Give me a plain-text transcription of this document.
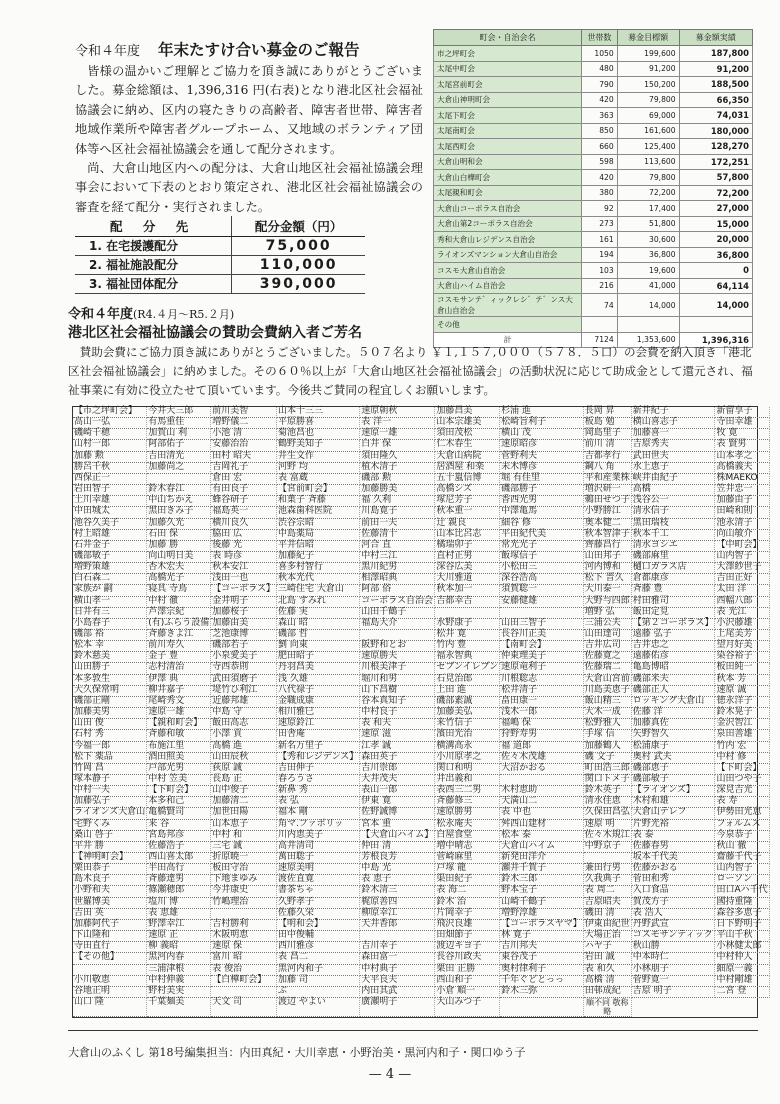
令和４年度 年末たすけ合い募金のご報告

皆様の温かいご理解とご協力を頂き誠にありがとうございました。募金総額は、1,396,316 円(右表)となり港北区社会福祉協議会に納め、区内の寝たきりの高齢者、障害者世帯、障害者地域作業所や障害者グループホーム、又地域のボランティア団体等へ区社会福祉協議会を通して配分されます。

尚、大倉山地区内への配分は、大倉山地区社会福祉協議会理事会において下表のとおり策定され、港北区社会福祉協議会の審査を経て配分・実行されました。

配 分 先	配分金額（円）
1. 在宅援護配分	75,000
2. 福祉施設配分	110,000
3. 福祉団体配分	390,000
町会・自治会名	世帯数	募金目標額	募金額実績
市之坪町会	1050	199,600	187,800
太尾中町会	480	91,200	91,200
太尾宮前町会	790	150,200	188,500
大倉山神明町会	420	79,800	66,350
太尾下町会	363	69,000	74,031
太尾南町会	850	161,600	180,000
太尾西町会	660	125,400	128,270
大倉山明和会	598	113,600	172,251
大倉山白樺町会	420	79,800	57,800
太尾親和町会	380	72,200	72,200
大倉山コーポラス自治会	92	17,400	27,000
大倉山第2コーポラス自治会	273	51,800	15,000
秀和大倉山レジデンス自治会	161	30,600	20,000
ライオンズマンション大倉山自治会	194	36,800	36,800
コスモ大倉山自治会	103	19,600	0
大倉山ハイム自治会	216	41,000	64,114
コスモサンテ゛ィックレシ゛テ゛ンス大倉山自治会	74	14,000	14,000
その他			
計	7124	1,353,600	1,396,316
令和４年度(R4.４月〜R5.２月)
港北区社会福祉協議会の賛助会費納入者ご芳名
賛助会費にご協力頂き誠にありがとうございました。５０７名より ￥１,１５７,０００（５７８．５口）の会費を納入頂き「港北区社会福祉協議会」に納めました。その６０％以上が「大倉山地区社会福祉協議会」の活動状況に応じて助成金として還元され、福祉事業に有効に役立たせて頂いています。今後共ご賛同の程宜しくお願いします。
【市之坪町会】	今井大三郎	前川美智	山本十三三	速原朝秋	加藤昌美	杉浦 進	長岡 昇	新井紀子	新留享子
高山一弘	有馬重佳	増野儀二	平原勝喜	表 洋一	山本宗雄美	松崎旨利子	板島 勉	横山喜志子	寺田幸雄
磯崎千穂	加賀山 利	小池 清	菊池昌也	速原一雄	須田茂松	横山 茂	岡島里子	加藤喜一	牧 寛
山村一郎	阿部佑子	安藤治治	鶴野美知子	白井 保	仁木春生	速原昭彦	前川 清	吉原秀夫	表 賢男
加藤 勲	吉田清光	田村 昭夫	井生文作	須田隆久	大倉山病院	菅野利夫	吉都孝行	武田世夫	山本孝之
勝呂千秋	加藤尚之	吉岡礼子	河野 均	植木清子	居酒屋 和楽	未木博彦	鋼八 角	水上恵子	高橋義夫
西保正一	倉田 宏	表 富蔵	磯部 勲	五十嵐信博	堀 有佳里	平和産業株 峡井由紀子	株MAEKO
岩田智子	鈴木春江	有田良子	【宮前町会】	加藤勝美	高橋シズ	磯部勝子	増沢研一	高橋	笠井忠一
土川幸雄	中山ちかえ	蜂谷研子	和菓子 斉藤	福 久利	塚尼芳子	香西光男	鵜田せつ子 浅谷公一	加藤由子
中田城太	黒田きみ子	福島英一	池森歯科医院	川島寛子	秋本重一	中澤亀馬	小野勝江	清水信子	田崎和則
池谷久美子	加藤久光	横川良久	渋谷宗昭	前田一夫	辻 親良	細谷 修	奥本健二	黒田瑞枝	池永清子
村上昭雄	石田 保	脇田 広	中島薬局	佐藤清十	山本比呂志	平田紀代美	秋本智津子 秋本千工	向山敏介
石井金子	加藤 勝	後藤 光	平井信昭	河合 直	橘瑞卯子	常光光子	齊藤昌行	清水ヨシエ	【中町会】
磯部敏子	向山明日美	表 時彦	加藤紀子	中村三江	直村正男	飯塚信子	山田邦子	磯部麻里	山内智子
増野策雄	杏木宏夫	秋本安江	喜多村智行	黒川紀男	深谷広美	小松田三	河内博和	樋口ガラス店	大澤紗世子
白石森二	高橋光子	浅田一也	秋本光代	相澤昭典	大川雅道	深谷浩高	松下 晋久	倉都康彦	吉田正好
家族が 嗣	寝具 寺鳥	【コーポラス】 三崎住宅 大倉山	阿部 俗	秋本加一	須賀聡一	大川泰一	斉藤 豊	太田 洋
横山孝一	中村 徹	金井明子	北島 すみれ	コーポラス自治会 吉都幸吉	安藤健雄	大野与四郎 村田雅司	西幅八郎
日井有三	芦澤宗紀	加藤桜子	佐藤 実	山田千鶴子	増野 弘	飯田定見	表 光江
小島春子	(有)ふらう設備 加藤由美	森山 昭	福島大介	水野康子	山田三智子	三浦公夫	【第２コーポラス】 小沢藤雄
磯部 裕	斉藤きよ江	芝池康博	磯部 哲	松井 寛	長谷川正美	山田達司	遠藤 弘子	上尾美芳
松本 幸	前川寿久	磯部若子	劉 向東	阪野和とお	竹内 豊	【南町会】	吉井広司	吉井忠之	望月好美
鈴木慈美	金子 豊	小泉愛美子	肥田昭子	速原勝夫	福永智典	仲東理美子	佐藤寛之	遠藤佑彦	染谷裕子
山田勝子	志村清治	寺西恭則	丹羽昌美	川根美津子	セブンイレブン 速原竜利子	佐藤瑞二	亀島博昭	板田純一
本多敦生	伊澤 典	武田須磨子	浅 久雄	堀川和男	石見治郎	川根聡志	大倉山宮前 磯部米夫	秋本 芳
大久保常明	柳井嘉子	堤竹ひ利江	八代禄子	山下昌樹	上田 進	松井清子	川島美恵子 磯部正人	速原 誠
磯部正剛	尾崎秀文	近藤邦雄	金職成康	谷本真知子	磯部素誠	畠田康一	飯山精三	ロッキング大倉山	徳永洋子
加藤美男	速原一雄	中島 守	相川雅巳	中村良子	加藤美弘	浅木一郎	大木一成	佐藤 洋	鈴木晃子
山田 俊	【親和町会】	飯田高志	速原鈴江	表 和夫	来竹信子	福嶋 保	松野雅人	加藤真佐	金沢智江
石村 秀	斉藤和敏	小澤 貢	田舎庵	速原 滋	濱田光治	狩野寿男	手塚 信	矢野智久	泉田善雄
今福一郎	布施江里	高橋 進	新名万里子	江孝 誠	横溝高永	福 道郎	加藤鶴人	松浦康子	竹内 宏
松下 薬品	酒田照美	山田辰秋	【秀和レジデンス】 森田英子	小川原孝之	佐々木茂雄	磯 文子	奥村 武夫	中村 修
竹岡 昌	戸部光男	荻原 誠	吉田伸子	吉川崇郎	関口和明	大沼かおる	町田浩三郎 磯部恵子	【下町会】
塚本静子	中村 笠美	長島 正	春ろうさ	大井茂夫	井出義和	関口トメ子 磯部敏子	山田つや子
中村一夫	【下町会】	山中俊子	新鼻 秀	表山一郎	表西三二男	木村恵助	鈴木英子	【ライオンズ】	深見吉光
加藤弘子	本多和己	加藤清二	表 弘	伊東 寛	斉藤修三	天満山二	清水佳恵	木村和雄	表 寿
ライオンズ大倉山 亀橋賢司	加世田陽	福本 剛	佐野誠博	速原勝男	表 中也	久保田昌弘 大倉山テレフ	伊勢田光恵
宅野くみ	来 谷	山本恵子	角マ.ファポリッ	宮本 重	松永庵夫	舛西山建材	速原 明	片野光裕	フォルムス
桑山 啓子	宮島邦彦	中村 和	川内恵美子	【大倉山ハイム】 白屋食堂	松本 泰	佐々木規江 表 泰	今泉恭子
平井 勝	佐藤浩子	三宅 誠	高井清司	仲田 清	増中晴志	大倉山ハイム	中野京子	佐藤春男	秋山 徹
【神明町会】	西山喜太郎	折原暁一	萬田聡子	芳根良芳	菅崎麻里	新発田洋介	坂本千代美	齋藤千代子
栗田恭子	半田高行	板田守治	速原美明	中島 光	戸塚 龍	瀬井千賀子	兼田行男	佐藤かおる	山内智子
島木良子	斉藤達男	下地まゆみ	渡佐直寛	表 恵子	渠田紀子	鈴木三郎	久我典子	菅田和秀	ローソン
小野和夫	篠瀬穂郎	今井康史	書茶ちゃ	鈴木清三	表 海二	野本宝子	表 周二	入口食品	田口Aハ千代
世羅博美	塩川 博	竹嶋理治	久野孝子	梶原善四	鈴木 治	山崎千鶴子	吉原昭夫	賀茂方子	國持重隆
吉田 英	表 恵雄	佐藤久栄	柳原幸江	片岡幸子	増野淳雄	磯田 清	表 浩人	森谷多恵子
加藤阿代子	野澤幸江	吉村勝利	【明和会】	天井香郎	飛沢良雄	【コーポラスヤマ】 伊東由紀世 丹野武宣	日下野明子
下山隆和	速原 正	木阪明恵	田中俊輔	田畑節子	林 寛子	大場正治	コスモサンティック 平山千秋
寺田直行	柳 義昭	速原 保	西川雅彦	吉川幸子	渡辺キヨ子	吉川邦夫	ハヤ子	秋山勝	小林健太郎
【その他】	黒河内春	富川 昭	表 昌二	森田富一	長谷川政夫	東谷茂子	岩田 誠	中本時仁	中村仲人
三浦津根	表 俊治	黒河内和子	中村典子	栗田 正勝	奥村律利子	表 和久	小林朋子	細原一義
小川敬恵	中村伸義	【白樺町会】	加藤 司	大平良夫	西山和子	千年ぐどとっっ	高橋 清	菅野寛一	中村剛雄
谷地正明	野村美実	ぶ	内田其武	小倉 順一	鈴木三弥	田邨成紀	吉原 明子	二宮 登
山口 隆	千葉麺美	天文 司	渡辺 やよい	廣瀬明子	大山みつ子	順不同 敬称略
大倉山のふくし 第18号編集担当：内田真紀・大川幸恵・小野治美・黒河内和子・関口ゆう子
— 4 —
